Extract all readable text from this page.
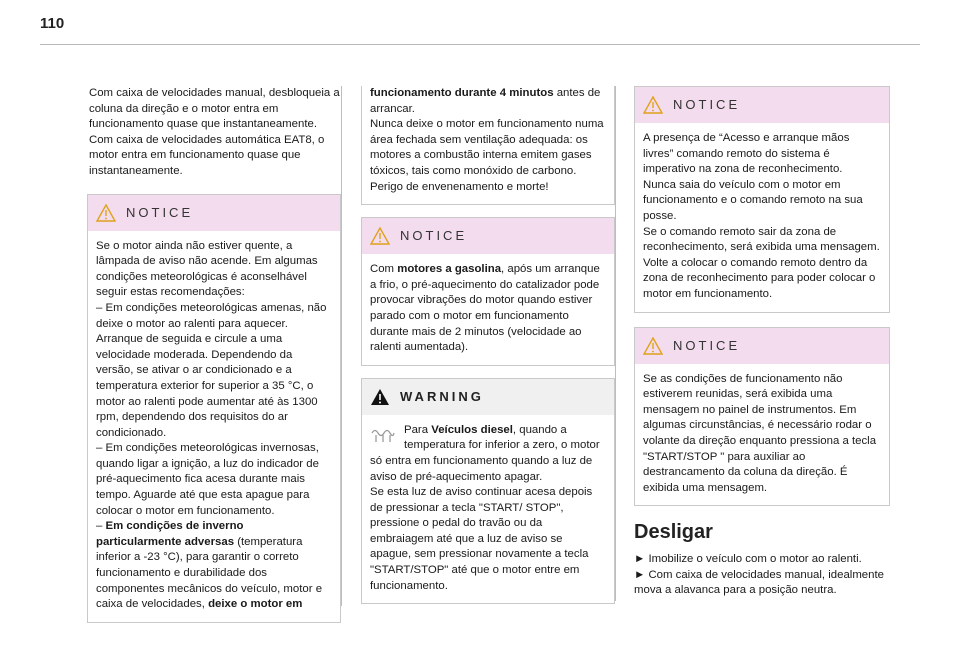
110

Com caixa de velocidades manual, desbloqueia a coluna da direção e o motor entra em funcionamento quase que instantaneamente.

Com caixa de velocidades automática EAT8, o motor entra em funcionamento quase que instantaneamente.

NOTICE

Se o motor ainda não estiver quente, a lâmpada de aviso não acende. Em algumas condições meteorológicas é aconselhável seguir estas recomendações:

– Em condições meteorológicas amenas, não deixe o motor ao ralenti para aquecer. Arranque de seguida e circule a uma velocidade moderada. Dependendo da versão, se ativar o ar condicionado e a temperatura exterior for superior a 35 °C, o motor ao ralenti pode aumentar até às 1300 rpm, dependendo dos requisitos do ar condicionado.

– Em condições meteorológicas invernosas, quando ligar a ignição, a luz do indicador de pré-aquecimento fica acesa durante mais tempo. Aguarde até que esta apague para colocar o motor em funcionamento.

– Em condições de inverno particularmente adversas (temperatura inferior a -23 °C), para garantir o correto funcionamento e durabilidade dos componentes mecânicos do veículo, motor e caixa de velocidades, deixe o motor em

funcionamento durante 4 minutos antes de arrancar.

Nunca deixe o motor em funcionamento numa área fechada sem ventilação adequada: os motores a combustão interna emitem gases tóxicos, tais como monóxido de carbono. Perigo de envenenamento e morte!

NOTICE

Com motores a gasolina, após um arranque a frio, o pré-aquecimento do catalizador pode provocar vibrações do motor quando estiver parado com o motor em funcionamento durante mais de 2 minutos (velocidade ao ralenti aumentada).

WARNING

Para Veículos diesel, quando a temperatura for inferior a zero, o motor só entra em funcionamento quando a luz de aviso de pré-aquecimento apagar.

Se esta luz de aviso continuar acesa depois de pressionar a tecla "START/ STOP", pressione o pedal do travão ou da embraiagem até que a luz de aviso se apague, sem pressionar novamente a tecla "START/STOP" até que o motor entre em funcionamento.

NOTICE

A presença de “Acesso e arranque mãos livres” comando remoto do sistema é imperativo na zona de reconhecimento.

Nunca saia do veículo com o motor em funcionamento e o comando remoto na sua posse.

Se o comando remoto sair da zona de reconhecimento, será exibida uma mensagem.

Volte a colocar o comando remoto dentro da zona de reconhecimento para poder colocar o motor em funcionamento.

NOTICE

Se as condições de funcionamento não estiverem reunidas, será exibida uma mensagem no painel de instrumentos. Em algumas circunstâncias, é necessário rodar o volante da direção enquanto pressiona a tecla "START/STOP " para auxiliar ao destrancamento da coluna da direção. É exibida uma mensagem.

Desligar

► Imobilize o veículo com o motor ao ralenti.

► Com caixa de velocidades manual, idealmente mova a alavanca para a posição neutra.
